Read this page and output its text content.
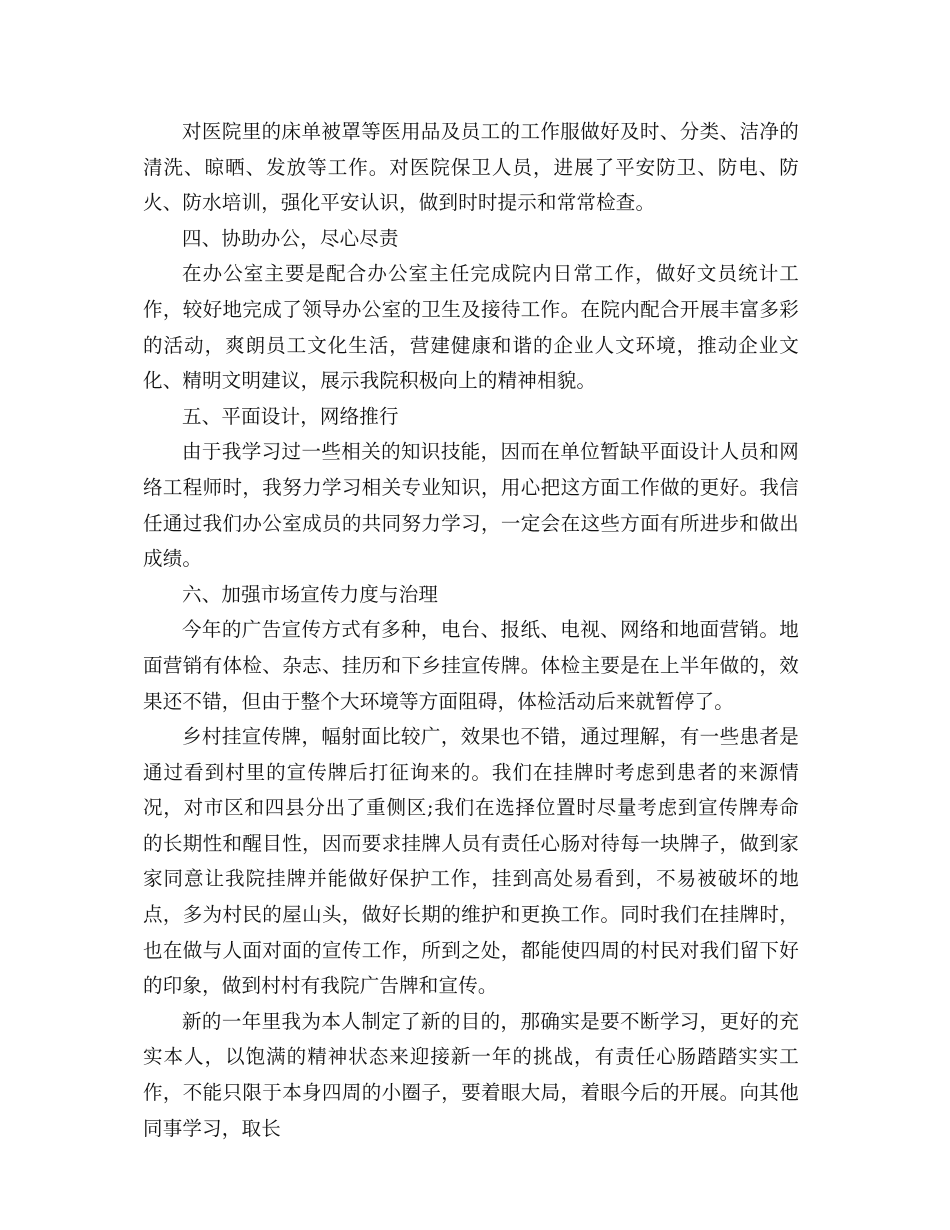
对医院里的床单被罩等医用品及员工的工作服做好及时、分类、洁净的清洗、晾晒、发放等工作。对医院保卫人员，进展了平安防卫、防电、防火、防水培训，强化平安认识，做到时时提示和常常检查。

四、协助办公，尽心尽责

在办公室主要是配合办公室主任完成院内日常工作，做好文员统计工作，较好地完成了领导办公室的卫生及接待工作。在院内配合开展丰富多彩的活动，爽朗员工文化生活，营建健康和谐的企业人文环境，推动企业文化、精明文明建议，展示我院积极向上的精神相貌。

五、平面设计，网络推行

由于我学习过一些相关的知识技能，因而在单位暂缺平面设计人员和网络工程师时，我努力学习相关专业知识，用心把这方面工作做的更好。我信任通过我们办公室成员的共同努力学习，一定会在这些方面有所进步和做出成绩。

六、加强市场宣传力度与治理

今年的广告宣传方式有多种，电台、报纸、电视、网络和地面营销。地面营销有体检、杂志、挂历和下乡挂宣传牌。体检主要是在上半年做的，效果还不错，但由于整个大环境等方面阻碍，体检活动后来就暂停了。

乡村挂宣传牌，幅射面比较广，效果也不错，通过理解，有一些患者是通过看到村里的宣传牌后打征询来的。我们在挂牌时考虑到患者的来源情况，对市区和四县分出了重侧区;我们在选择位置时尽量考虑到宣传牌寿命的长期性和醒目性，因而要求挂牌人员有责任心肠对待每一块牌子，做到家家同意让我院挂牌并能做好保护工作，挂到高处易看到，不易被破坏的地点，多为村民的屋山头，做好长期的维护和更换工作。同时我们在挂牌时，也在做与人面对面的宣传工作，所到之处，都能使四周的村民对我们留下好的印象，做到村村有我院广告牌和宣传。

新的一年里我为本人制定了新的目的，那确实是要不断学习，更好的充实本人，以饱满的精神状态来迎接新一年的挑战，有责任心肠踏踏实实工作，不能只限于本身四周的小圈子，要着眼大局，着眼今后的开展。向其他同事学习，取长
